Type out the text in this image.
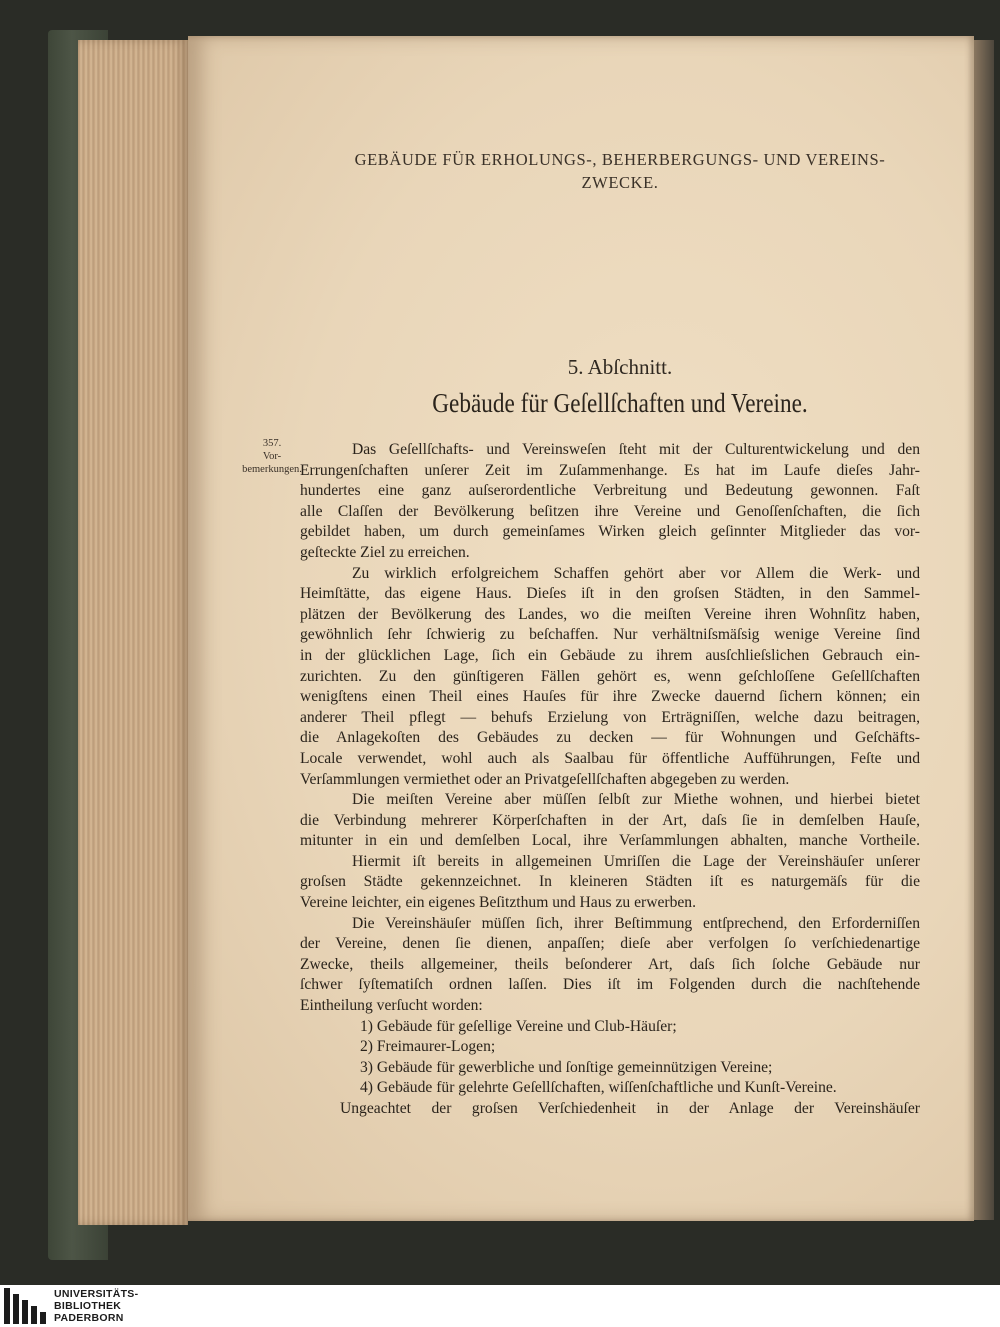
GEBÄUDE FÜR ERHOLUNGS-, BEHERBERGUNGS- UND VEREINS-
ZWECKE.
5. Abſchnitt.
Gebäude für Geſellſchaften und Vereine.
357.
Vor-
bemerkungen.
Das Geſellſchafts- und Vereinsweſen ſteht mit der Culturentwickelung und den
Errungenſchaften unſerer Zeit im Zuſammenhange. Es hat im Laufe dieſes Jahr-
hundertes eine ganz auſserordentliche Verbreitung und Bedeutung gewonnen. Faſt
alle Claſſen der Bevölkerung beſitzen ihre Vereine und Genoſſenſchaften, die ſich
gebildet haben, um durch gemeinſames Wirken gleich geſinnter Mitglieder das vor-
geſteckte Ziel zu erreichen.
Zu wirklich erfolgreichem Schaffen gehört aber vor Allem die Werk- und
Heimſtätte, das eigene Haus. Dieſes iſt in den groſsen Städten, in den Sammel-
plätzen der Bevölkerung des Landes, wo die meiſten Vereine ihren Wohnſitz haben,
gewöhnlich ſehr ſchwierig zu beſchaffen. Nur verhältniſsmäſsig wenige Vereine ſind
in der glücklichen Lage, ſich ein Gebäude zu ihrem ausſchlieſslichen Gebrauch ein-
zurichten. Zu den günſtigeren Fällen gehört es, wenn geſchloſſene Geſellſchaften
wenigſtens einen Theil eines Hauſes für ihre Zwecke dauernd ſichern können; ein
anderer Theil pflegt — behufs Erzielung von Erträgniſſen, welche dazu beitragen,
die Anlagekoſten des Gebäudes zu decken — für Wohnungen und Geſchäfts-
Locale verwendet, wohl auch als Saalbau für öffentliche Aufführungen, Feſte und
Verſammlungen vermiethet oder an Privatgeſellſchaften abgegeben zu werden.
Die meiſten Vereine aber müſſen ſelbſt zur Miethe wohnen, und hierbei bietet
die Verbindung mehrerer Körperſchaften in der Art, daſs ſie in demſelben Hauſe,
mitunter in ein und demſelben Local, ihre Verſammlungen abhalten, manche Vortheile.
Hiermit iſt bereits in allgemeinen Umriſſen die Lage der Vereinshäuſer unſerer
groſsen Städte gekennzeichnet. In kleineren Städten iſt es naturgemäſs für die
Vereine leichter, ein eigenes Beſitzthum und Haus zu erwerben.
Die Vereinshäuſer müſſen ſich, ihrer Beſtimmung entſprechend, den Erforderniſſen
der Vereine, denen ſie dienen, anpaſſen; dieſe aber verfolgen ſo verſchiedenartige
Zwecke, theils allgemeiner, theils beſonderer Art, daſs ſich ſolche Gebäude nur
ſchwer ſyſtematiſch ordnen laſſen. Dies iſt im Folgenden durch die nachſtehende
Eintheilung verſucht worden:
1) Gebäude für geſellige Vereine und Club-Häuſer;
2) Freimaurer-Logen;
3) Gebäude für gewerbliche und ſonſtige gemeinnützigen Vereine;
4) Gebäude für gelehrte Geſellſchaften, wiſſenſchaftliche und Kunſt-Vereine.
Ungeachtet der groſsen Verſchiedenheit in der Anlage der Vereinshäuſer
UNIVERSITÄTS-
BIBLIOTHEK
PADERBORN
